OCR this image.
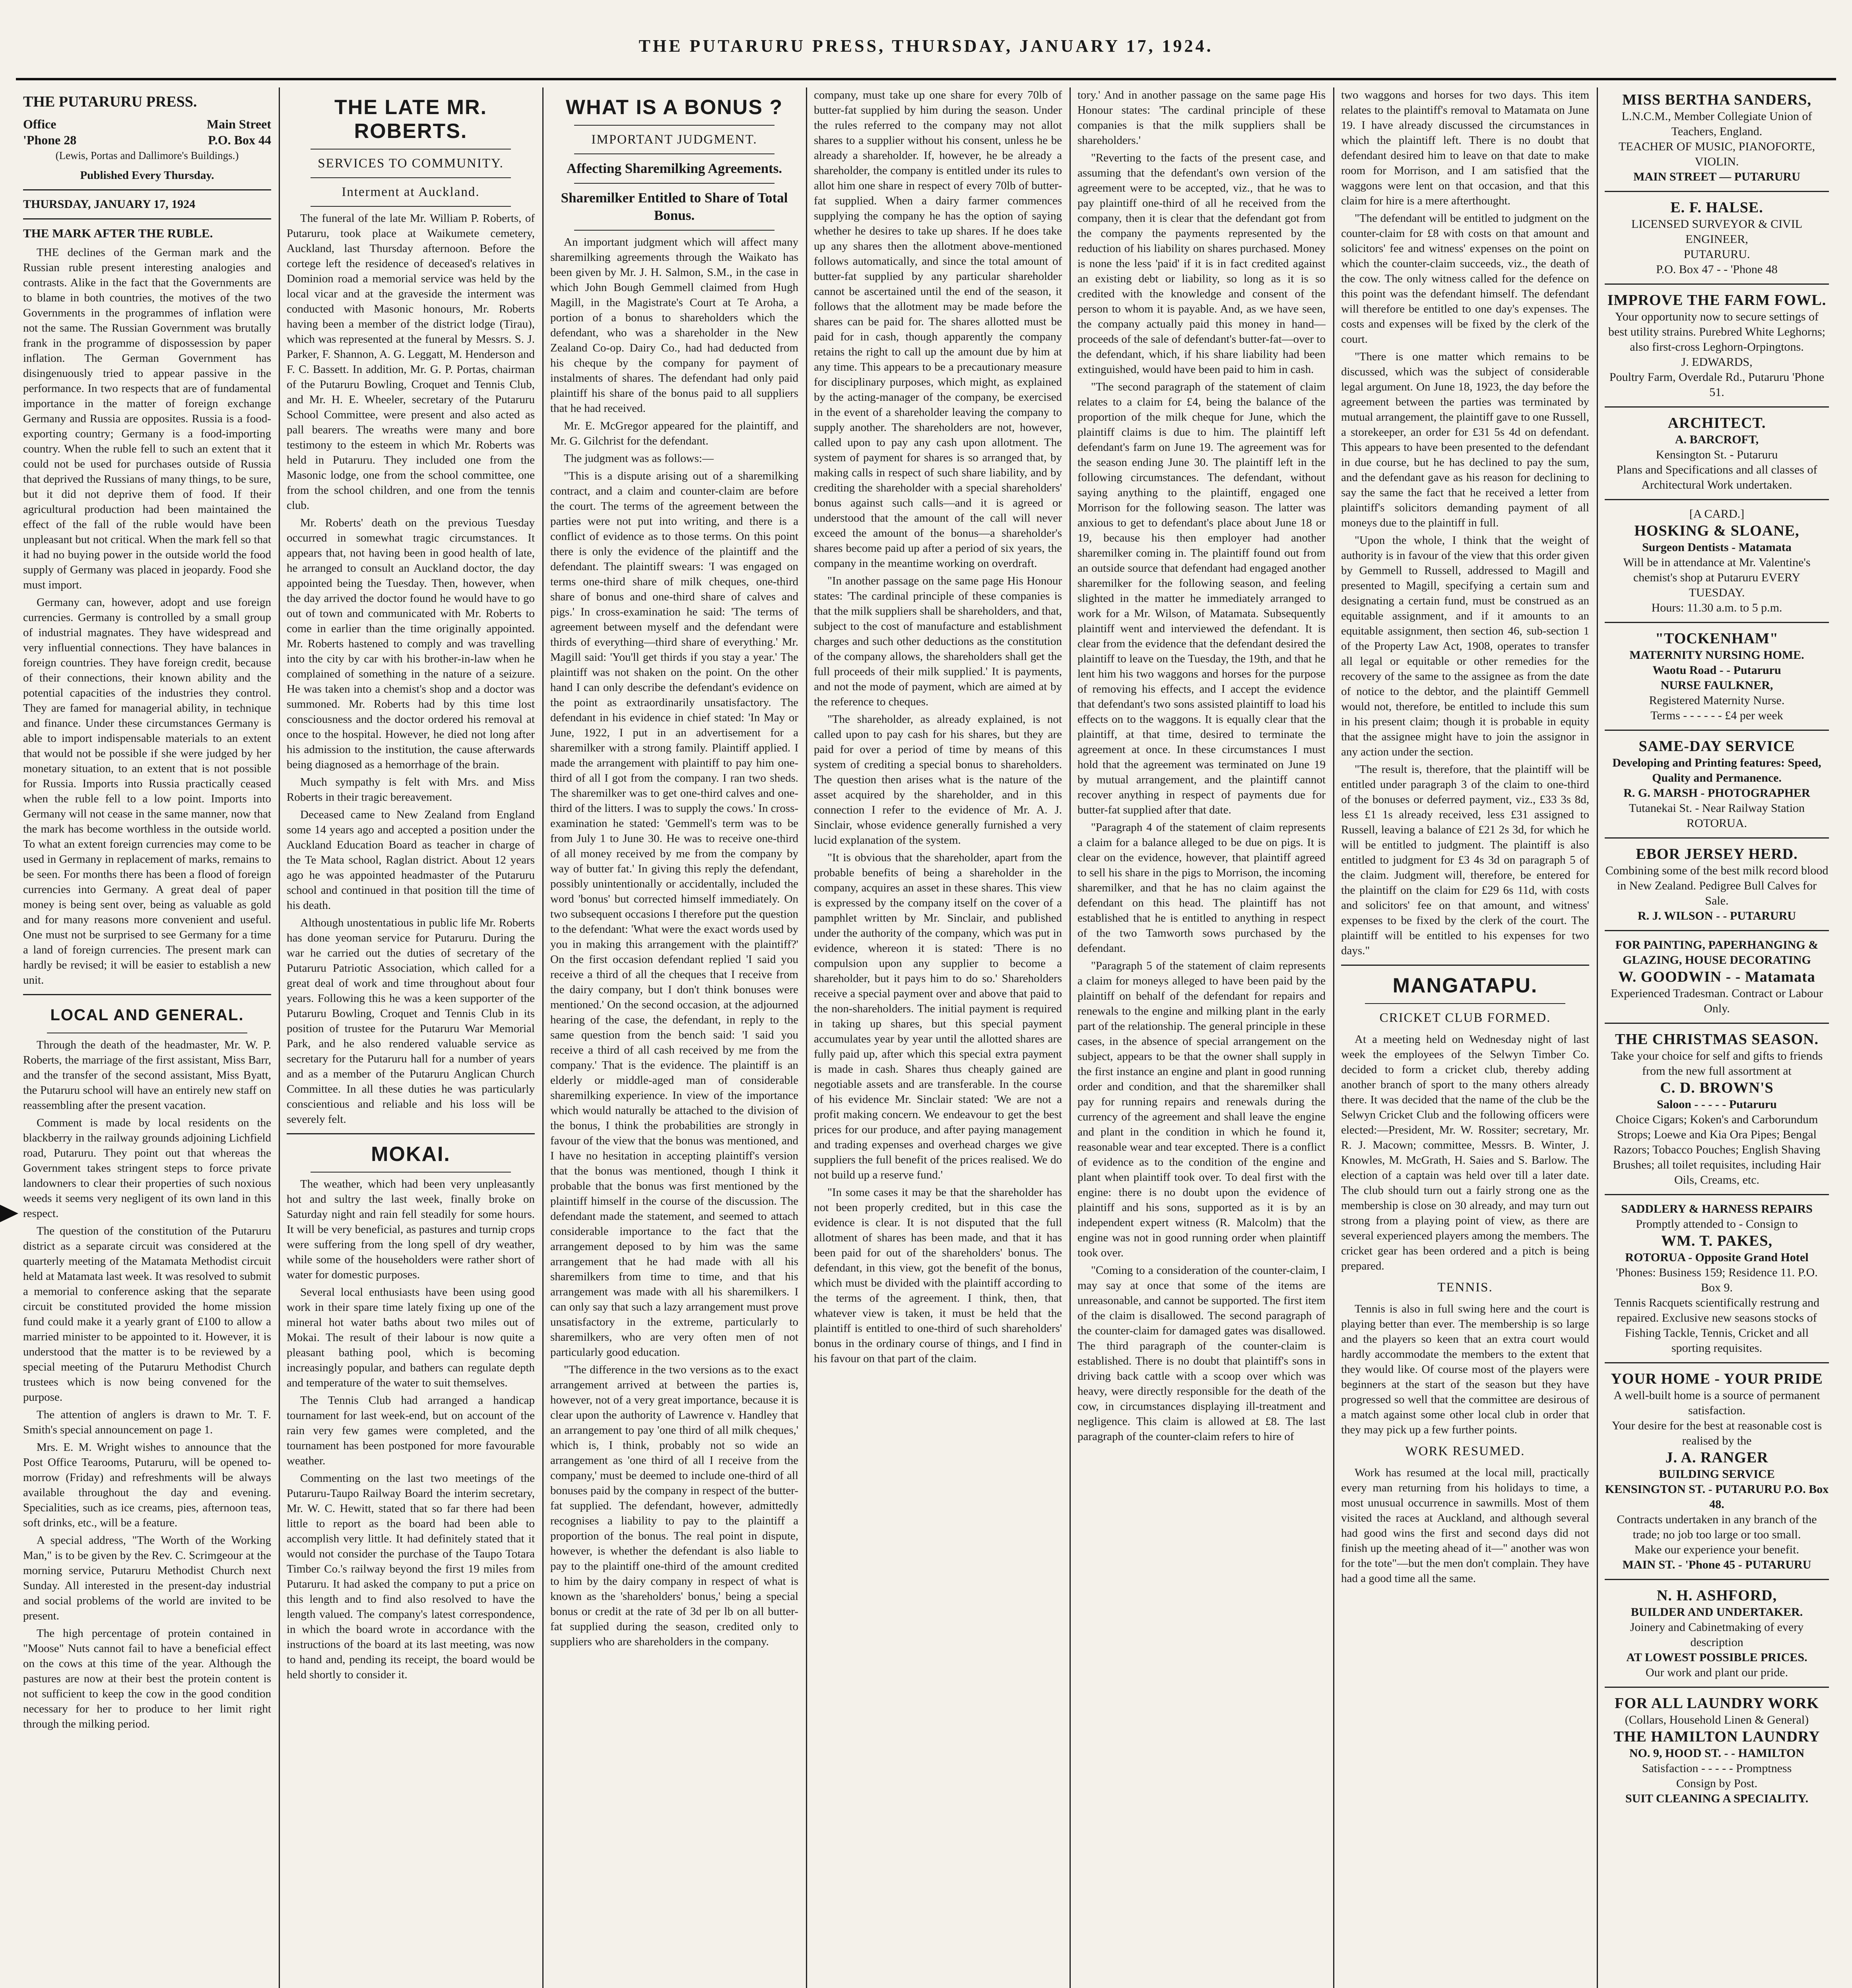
THE PUTARURU PRESS, THURSDAY, JANUARY 17, 1924.
THE PUTARURU PRESS.
Office	Main Street
'Phone 28	P.O. Box 44
(Lewis, Portas and Dallimore's Buildings.)
Published Every Thursday.
THURSDAY, JANUARY 17, 1924
THE MARK AFTER THE RUBLE.

THE declines of the German mark and the Russian ruble present interesting analogies and contrasts. Alike in the fact that the Governments are to blame in both countries, the motives of the two Governments in the programmes of inflation were not the same. The Russian Government was brutally frank in the programme of dispossession by paper inflation. The German Government has disingenuously tried to appear passive in the performance. In two respects that are of fundamental importance in the matter of foreign exchange Germany and Russia are opposites. Russia is a food-exporting country; Germany is a food-importing country. When the ruble fell to such an extent that it could not be used for purchases outside of Russia that deprived the Russians of many things, to be sure, but it did not deprive them of food. If their agricultural production had been maintained the effect of the fall of the ruble would have been unpleasant but not critical. When the mark fell so that it had no buying power in the outside world the food supply of Germany was placed in jeopardy. Food she must import.

Germany can, however, adopt and use foreign currencies. Germany is controlled by a small group of industrial magnates. They have widespread and very influential connections. They have balances in foreign countries. They have foreign credit, because of their connections, their known ability and the potential capacities of the industries they control. They are famed for managerial ability, in technique and finance. Under these circumstances Germany is able to import indispensable materials to an extent that would not be possible if she were judged by her monetary situation, to an extent that is not possible for Russia. Imports into Russia practically ceased when the ruble fell to a low point. Imports into Germany will not cease in the same manner, now that the mark has become worthless in the outside world. To what an extent foreign currencies may come to be used in Germany in replacement of marks, remains to be seen. For months there has been a flood of foreign currencies into Germany. A great deal of paper money is being sent over, being as valuable as gold and for many reasons more convenient and useful. One must not be surprised to see Germany for a time a land of foreign currencies. The present mark can hardly be revised; it will be easier to establish a new unit.

LOCAL AND GENERAL.

Through the death of the headmaster, Mr. W. P. Roberts, the marriage of the first assistant, Miss Barr, and the transfer of the second assistant, Miss Byatt, the Putaruru school will have an entirely new staff on reassembling after the present vacation.

Comment is made by local residents on the blackberry in the railway grounds adjoining Lichfield road, Putaruru. They point out that whereas the Government takes stringent steps to force private landowners to clear their properties of such noxious weeds it seems very negligent of its own land in this respect.

The question of the constitution of the Putaruru district as a separate circuit was considered at the quarterly meeting of the Matamata Methodist circuit held at Matamata last week. It was resolved to submit a memorial to conference asking that the separate circuit be constituted provided the home mission fund could make it a yearly grant of £100 to allow a married minister to be appointed to it. However, it is understood that the matter is to be reviewed by a special meeting of the Putaruru Methodist Church trustees which is now being convened for the purpose.

The attention of anglers is drawn to Mr. T. F. Smith's special announcement on page 1.

Mrs. E. M. Wright wishes to announce that the Post Office Tearooms, Putaruru, will be opened to-morrow (Friday) and refreshments will be always available throughout the day and evening. Specialities, such as ice creams, pies, afternoon teas, soft drinks, etc., will be a feature.

A special address, "The Worth of the Working Man," is to be given by the Rev. C. Scrimgeour at the morning service, Putaruru Methodist Church next Sunday. All interested in the present-day industrial and social problems of the world are invited to be present.

The high percentage of protein contained in "Moose" Nuts cannot fail to have a beneficial effect on the cows at this time of the year. Although the pastures are now at their best the protein content is not sufficient to keep the cow in the good condition necessary for her to produce to her limit right through the milking period.

THE LATE MR. ROBERTS.
SERVICES TO COMMUNITY.
Interment at Auckland.

The funeral of the late Mr. William P. Roberts, of Putaruru, took place at Waikumete cemetery, Auckland, last Thursday afternoon. Before the cortege left the residence of deceased's relatives in Dominion road a memorial service was held by the local vicar and at the graveside the interment was conducted with Masonic honours, Mr. Roberts having been a member of the district lodge (Tirau), which was represented at the funeral by Messrs. S. J. Parker, F. Shannon, A. G. Leggatt, M. Henderson and F. C. Bassett. In addition, Mr. G. P. Portas, chairman of the Putaruru Bowling, Croquet and Tennis Club, and Mr. H. E. Wheeler, secretary of the Putaruru School Committee, were present and also acted as pall bearers. The wreaths were many and bore testimony to the esteem in which Mr. Roberts was held in Putaruru. They included one from the Masonic lodge, one from the school committee, one from the school children, and one from the tennis club.

Mr. Roberts' death on the previous Tuesday occurred in somewhat tragic circumstances. It appears that, not having been in good health of late, he arranged to consult an Auckland doctor, the day appointed being the Tuesday. Then, however, when the day arrived the doctor found he would have to go out of town and communicated with Mr. Roberts to come in earlier than the time originally appointed. Mr. Roberts hastened to comply and was travelling into the city by car with his brother-in-law when he complained of something in the nature of a seizure. He was taken into a chemist's shop and a doctor was summoned. Mr. Roberts had by this time lost consciousness and the doctor ordered his removal at once to the hospital. However, he died not long after his admission to the institution, the cause afterwards being diagnosed as a hemorrhage of the brain.

Much sympathy is felt with Mrs. and Miss Roberts in their tragic bereavement.

Deceased came to New Zealand from England some 14 years ago and accepted a position under the Auckland Education Board as teacher in charge of the Te Mata school, Raglan district. About 12 years ago he was appointed headmaster of the Putaruru school and continued in that position till the time of his death.

Although unostentatious in public life Mr. Roberts has done yeoman service for Putaruru. During the war he carried out the duties of secretary of the Putaruru Patriotic Association, which called for a great deal of work and time throughout about four years. Following this he was a keen supporter of the Putaruru Bowling, Croquet and Tennis Club in its position of trustee for the Putaruru War Memorial Park, and he also rendered valuable service as secretary for the Putaruru hall for a number of years and as a member of the Putaruru Anglican Church Committee. In all these duties he was particularly conscientious and reliable and his loss will be severely felt.

MOKAI.

The weather, which had been very unpleasantly hot and sultry the last week, finally broke on Saturday night and rain fell steadily for some hours. It will be very beneficial, as pastures and turnip crops were suffering from the long spell of dry weather, while some of the householders were rather short of water for domestic purposes.

Several local enthusiasts have been using good work in their spare time lately fixing up one of the mineral hot water baths about two miles out of Mokai. The result of their labour is now quite a pleasant bathing pool, which is becoming increasingly popular, and bathers can regulate depth and temperature of the water to suit themselves.

The Tennis Club had arranged a handicap tournament for last week-end, but on account of the rain very few games were completed, and the tournament has been postponed for more favourable weather.

Commenting on the last two meetings of the Putaruru-Taupo Railway Board the interim secretary, Mr. W. C. Hewitt, stated that so far there had been little to report as the board had been able to accomplish very little. It had definitely stated that it would not consider the purchase of the Taupo Totara Timber Co.'s railway beyond the first 19 miles from Putaruru. It had asked the company to put a price on this length and to find also resolved to have the length valued. The company's latest correspondence, in which the board wrote in accordance with the instructions of the board at its last meeting, was now to hand and, pending its receipt, the board would be held shortly to consider it.

WHAT IS A BONUS ?
IMPORTANT JUDGMENT.
Affecting Sharemilking Agreements.
Sharemilker Entitled to Share of Total Bonus.

An important judgment which will affect many sharemilking agreements through the Waikato has been given by Mr. J. H. Salmon, S.M., in the case in which John Bough Gemmell claimed from Hugh Magill, in the Magistrate's Court at Te Aroha, a portion of a bonus to shareholders which the defendant, who was a shareholder in the New Zealand Co-op. Dairy Co., had had deducted from his cheque by the company for payment of instalments of shares. The defendant had only paid plaintiff his share of the bonus paid to all suppliers that he had received.

Mr. E. McGregor appeared for the plaintiff, and Mr. G. Gilchrist for the defendant.

The judgment was as follows:—

"This is a dispute arising out of a sharemilking contract, and a claim and counter-claim are before the court. The terms of the agreement between the parties were not put into writing, and there is a conflict of evidence as to those terms. On this point there is only the evidence of the plaintiff and the defendant. The plaintiff swears: 'I was engaged on terms one-third share of milk cheques, one-third share of bonus and one-third share of calves and pigs.' In cross-examination he said: 'The terms of agreement between myself and the defendant were thirds of everything—third share of everything.' Mr. Magill said: 'You'll get thirds if you stay a year.' The plaintiff was not shaken on the point. On the other hand I can only describe the defendant's evidence on the point as extraordinarily unsatisfactory. The defendant in his evidence in chief stated: 'In May or June, 1922, I put in an advertisement for a sharemilker with a strong family. Plaintiff applied. I made the arrangement with plaintiff to pay him one-third of all I got from the company. I ran two sheds. The sharemilker was to get one-third calves and one-third of the litters. I was to supply the cows.' In cross-examination he stated: 'Gemmell's term was to be from July 1 to June 30. He was to receive one-third of all money received by me from the company by way of butter fat.' In giving this reply the defendant, possibly unintentionally or accidentally, included the word 'bonus' but corrected himself immediately. On two subsequent occasions I therefore put the question to the defendant: 'What were the exact words used by you in making this arrangement with the plaintiff?' On the first occasion defendant replied 'I said you receive a third of all the cheques that I receive from the dairy company, but I don't think bonuses were mentioned.' On the second occasion, at the adjourned hearing of the case, the defendant, in reply to the same question from the bench said: 'I said you receive a third of all cash received by me from the company.' That is the evidence. The plaintiff is an elderly or middle-aged man of considerable sharemilking experience. In view of the importance which would naturally be attached to the division of the bonus, I think the probabilities are strongly in favour of the view that the bonus was mentioned, and I have no hesitation in accepting plaintiff's version that the bonus was mentioned, though I think it probable that the bonus was first mentioned by the plaintiff himself in the course of the discussion. The defendant made the statement, and seemed to attach considerable importance to the fact that the arrangement deposed to by him was the same arrangement that he had made with all his sharemilkers from time to time, and that his arrangement was made with all his sharemilkers. I can only say that such a lazy arrangement must prove unsatisfactory in the extreme, particularly to sharemilkers, who are very often men of not particularly good education.

"The difference in the two versions as to the exact arrangement arrived at between the parties is, however, not of a very great importance, because it is clear upon the authority of Lawrence v. Handley that an arrangement to pay 'one third of all milk cheques,' which is, I think, probably not so wide an arrangement as 'one third of all I receive from the company,' must be deemed to include one-third of all bonuses paid by the company in respect of the butter-fat supplied. The defendant, however, admittedly recognises a liability to pay to the plaintiff a proportion of the bonus. The real point in dispute, however, is whether the defendant is also liable to pay to the plaintiff one-third of the amount credited to him by the dairy company in respect of what is known as the 'shareholders' bonus,' being a special bonus or credit at the rate of 3d per lb on all butter-fat supplied during the season, credited only to suppliers who are shareholders in the company.

company, must take up one share for every 70lb of butter-fat supplied by him during the season. Under the rules referred to the company may not allot shares to a supplier without his consent, unless he be already a shareholder. If, however, he be already a shareholder, the company is entitled under its rules to allot him one share in respect of every 70lb of butter-fat supplied. When a dairy farmer commences supplying the company he has the option of saying whether he desires to take up shares. If he does take up any shares then the allotment above-mentioned follows automatically, and since the total amount of butter-fat supplied by any particular shareholder cannot be ascertained until the end of the season, it follows that the allotment may be made before the shares can be paid for. The shares allotted must be paid for in cash, though apparently the company retains the right to call up the amount due by him at any time. This appears to be a precautionary measure for disciplinary purposes, which might, as explained by the acting-manager of the company, be exercised in the event of a shareholder leaving the company to supply another. The shareholders are not, however, called upon to pay any cash upon allotment. The system of payment for shares is so arranged that, by making calls in respect of such share liability, and by crediting the shareholder with a special shareholders' bonus against such calls—and it is agreed or understood that the amount of the call will never exceed the amount of the bonus—a shareholder's shares become paid up after a period of six years, the company in the meantime working on overdraft.

"In another passage on the same page His Honour states: 'The cardinal principle of these companies is that the milk suppliers shall be shareholders, and that, subject to the cost of manufacture and establishment charges and such other deductions as the constitution of the company allows, the shareholders shall get the full proceeds of their milk supplied.' It is payments, and not the mode of payment, which are aimed at by the reference to cheques.

"The shareholder, as already explained, is not called upon to pay cash for his shares, but they are paid for over a period of time by means of this system of crediting a special bonus to shareholders. The question then arises what is the nature of the asset acquired by the shareholder, and in this connection I refer to the evidence of Mr. A. J. Sinclair, whose evidence generally furnished a very lucid explanation of the system.

"It is obvious that the shareholder, apart from the probable benefits of being a shareholder in the company, acquires an asset in these shares. This view is expressed by the company itself on the cover of a pamphlet written by Mr. Sinclair, and published under the authority of the company, which was put in evidence, whereon it is stated: 'There is no compulsion upon any supplier to become a shareholder, but it pays him to do so.' Shareholders receive a special payment over and above that paid to the non-shareholders. The initial payment is required in taking up shares, but this special payment accumulates year by year until the allotted shares are fully paid up, after which this special extra payment is made in cash. Shares thus cheaply gained are negotiable assets and are transferable. In the course of his evidence Mr. Sinclair stated: 'We are not a profit making concern. We endeavour to get the best prices for our produce, and after paying management and trading expenses and overhead charges we give suppliers the full benefit of the prices realised. We do not build up a reserve fund.'

"In some cases it may be that the shareholder has not been properly credited, but in this case the evidence is clear. It is not disputed that the full allotment of shares has been made, and that it has been paid for out of the shareholders' bonus. The defendant, in this view, got the benefit of the bonus, which must be divided with the plaintiff according to the terms of the agreement. I think, then, that whatever view is taken, it must be held that the plaintiff is entitled to one-third of such shareholders' bonus in the ordinary course of things, and I find in his favour on that part of the claim.

tory.' And in another passage on the same page His Honour states: 'The cardinal principle of these companies is that the milk suppliers shall be shareholders.'

"Reverting to the facts of the present case, and assuming that the defendant's own version of the agreement were to be accepted, viz., that he was to pay plaintiff one-third of all he received from the company, then it is clear that the defendant got from the company the payments represented by the reduction of his liability on shares purchased. Money is none the less 'paid' if it is in fact credited against an existing debt or liability, so long as it is so credited with the knowledge and consent of the person to whom it is payable. And, as we have seen, the company actually paid this money in hand—proceeds of the sale of defendant's butter-fat—over to the defendant, which, if his share liability had been extinguished, would have been paid to him in cash.

"The second paragraph of the statement of claim relates to a claim for £4, being the balance of the proportion of the milk cheque for June, which the plaintiff claims is due to him. The plaintiff left defendant's farm on June 19. The agreement was for the season ending June 30. The plaintiff left in the following circumstances. The defendant, without saying anything to the plaintiff, engaged one Morrison for the following season. The latter was anxious to get to defendant's place about June 18 or 19, because his then employer had another sharemilker coming in. The plaintiff found out from an outside source that defendant had engaged another sharemilker for the following season, and feeling slighted in the matter he immediately arranged to work for a Mr. Wilson, of Matamata. Subsequently plaintiff went and interviewed the defendant. It is clear from the evidence that the defendant desired the plaintiff to leave on the Tuesday, the 19th, and that he lent him his two waggons and horses for the purpose of removing his effects, and I accept the evidence that defendant's two sons assisted plaintiff to load his effects on to the waggons. It is equally clear that the plaintiff, at that time, desired to terminate the agreement at once. In these circumstances I must hold that the agreement was terminated on June 19 by mutual arrangement, and the plaintiff cannot recover anything in respect of payments due for butter-fat supplied after that date.

"Paragraph 4 of the statement of claim represents a claim for a balance alleged to be due on pigs. It is clear on the evidence, however, that plaintiff agreed to sell his share in the pigs to Morrison, the incoming sharemilker, and that he has no claim against the defendant on this head. The plaintiff has not established that he is entitled to anything in respect of the two Tamworth sows purchased by the defendant.

"Paragraph 5 of the statement of claim represents a claim for moneys alleged to have been paid by the plaintiff on behalf of the defendant for repairs and renewals to the engine and milking plant in the early part of the relationship. The general principle in these cases, in the absence of special arrangement on the subject, appears to be that the owner shall supply in the first instance an engine and plant in good running order and condition, and that the sharemilker shall pay for running repairs and renewals during the currency of the agreement and shall leave the engine and plant in the condition in which he found it, reasonable wear and tear excepted. There is a conflict of evidence as to the condition of the engine and plant when plaintiff took over. To deal first with the engine: there is no doubt upon the evidence of plaintiff and his sons, supported as it is by an independent expert witness (R. Malcolm) that the engine was not in good running order when plaintiff took over.

"Coming to a consideration of the counter-claim, I may say at once that some of the items are unreasonable, and cannot be supported. The first item of the claim is disallowed. The second paragraph of the counter-claim for damaged gates was disallowed. The third paragraph of the counter-claim is established. There is no doubt that plaintiff's sons in driving back cattle with a scoop over which was heavy, were directly responsible for the death of the cow, in circumstances displaying ill-treatment and negligence. This claim is allowed at £8. The last paragraph of the counter-claim refers to hire of

two waggons and horses for two days. This item relates to the plaintiff's removal to Matamata on June 19. I have already discussed the circumstances in which the plaintiff left. There is no doubt that defendant desired him to leave on that date to make room for Morrison, and I am satisfied that the waggons were lent on that occasion, and that this claim for hire is a mere afterthought.

"The defendant will be entitled to judgment on the counter-claim for £8 with costs on that amount and solicitors' fee and witness' expenses on the point on which the counter-claim succeeds, viz., the death of the cow. The only witness called for the defence on this point was the defendant himself. The defendant will therefore be entitled to one day's expenses. The costs and expenses will be fixed by the clerk of the court.

"There is one matter which remains to be discussed, which was the subject of considerable legal argument. On June 18, 1923, the day before the agreement between the parties was terminated by mutual arrangement, the plaintiff gave to one Russell, a storekeeper, an order for £31 5s 4d on defendant. This appears to have been presented to the defendant in due course, but he has declined to pay the sum, and the defendant gave as his reason for declining to say the same the fact that he received a letter from plaintiff's solicitors demanding payment of all moneys due to the plaintiff in full.

"Upon the whole, I think that the weight of authority is in favour of the view that this order given by Gemmell to Russell, addressed to Magill and presented to Magill, specifying a certain sum and designating a certain fund, must be construed as an equitable assignment, and if it amounts to an equitable assignment, then section 46, sub-section 1 of the Property Law Act, 1908, operates to transfer all legal or equitable or other remedies for the recovery of the same to the assignee as from the date of notice to the debtor, and the plaintiff Gemmell would not, therefore, be entitled to include this sum in his present claim; though it is probable in equity that the assignee might have to join the assignor in any action under the section.

"The result is, therefore, that the plaintiff will be entitled under paragraph 3 of the claim to one-third of the bonuses or deferred payment, viz., £33 3s 8d, less £1 1s already received, less £31 assigned to Russell, leaving a balance of £21 2s 3d, for which he will be entitled to judgment. The plaintiff is also entitled to judgment for £3 4s 3d on paragraph 5 of the claim. Judgment will, therefore, be entered for the plaintiff on the claim for £29 6s 11d, with costs and solicitors' fee on that amount, and witness' expenses to be fixed by the clerk of the court. The plaintiff will be entitled to his expenses for two days."

MANGATAPU.
CRICKET CLUB FORMED.

At a meeting held on Wednesday night of last week the employees of the Selwyn Timber Co. decided to form a cricket club, thereby adding another branch of sport to the many others already there. It was decided that the name of the club be the Selwyn Cricket Club and the following officers were elected:—President, Mr. W. Rossiter; secretary, Mr. R. J. Macown; committee, Messrs. B. Winter, J. Knowles, M. McGrath, H. Saies and S. Barlow. The election of a captain was held over till a later date. The club should turn out a fairly strong one as the membership is close on 30 already, and may turn out strong from a playing point of view, as there are several experienced players among the members. The cricket gear has been ordered and a pitch is being prepared.

TENNIS.

Tennis is also in full swing here and the court is playing better than ever. The membership is so large and the players so keen that an extra court would hardly accommodate the members to the extent that they would like. Of course most of the players were beginners at the start of the season but they have progressed so well that the committee are desirous of a match against some other local club in order that they may pick up a few further points.

WORK RESUMED.

Work has resumed at the local mill, practically every man returning from his holidays to time, a most unusual occurrence in sawmills. Most of them visited the races at Auckland, and although several had good wins the first and second days did not finish up the meeting ahead of it—" another was won for the tote"—but the men don't complain. They have had a good time all the same.

MISS BERTHA SANDERS,
L.N.C.M., Member Collegiate Union of Teachers, England.
TEACHER OF MUSIC, PIANOFORTE, VIOLIN.
MAIN STREET — PUTARURU
E. F. HALSE.
LICENSED SURVEYOR & CIVIL ENGINEER,
PUTARURU.
P.O. Box 47 - - 'Phone 48
IMPROVE THE FARM FOWL.
Your opportunity now to secure settings of best utility strains. Purebred White Leghorns; also first-cross Leghorn-Orpingtons.
J. EDWARDS,
Poultry Farm, Overdale Rd., Putaruru 'Phone 51.
ARCHITECT.
A. BARCROFT,
Kensington St. - Putaruru
Plans and Specifications and all classes of Architectural Work undertaken.
[A CARD.]
HOSKING & SLOANE,
Surgeon Dentists - Matamata
Will be in attendance at Mr. Valentine's chemist's shop at Putaruru EVERY TUESDAY.
Hours: 11.30 a.m. to 5 p.m.
"TOCKENHAM"
MATERNITY NURSING HOME.
Waotu Road - - Putaruru
NURSE FAULKNER,
Registered Maternity Nurse.
Terms - - - - - - £4 per week
SAME-DAY SERVICE
Developing and Printing features: Speed, Quality and Permanence.
R. G. MARSH - PHOTOGRAPHER
Tutanekai St. - Near Railway Station ROTORUA.
EBOR JERSEY HERD.
Combining some of the best milk record blood in New Zealand. Pedigree Bull Calves for Sale.
R. J. WILSON - - PUTARURU
FOR PAINTING, PAPERHANGING & GLAZING, HOUSE DECORATING
W. GOODWIN - - Matamata
Experienced Tradesman. Contract or Labour Only.
THE CHRISTMAS SEASON.
Take your choice for self and gifts to friends from the new full assortment at
C. D. BROWN'S
Saloon - - - - - Putaruru
Choice Cigars; Koken's and Carborundum Strops; Loewe and Kia Ora Pipes; Bengal Razors; Tobacco Pouches; English Shaving Brushes; all toilet requisites, including Hair Oils, Creams, etc.
SADDLERY & HARNESS REPAIRS
Promptly attended to - Consign to
WM. T. PAKES,
ROTORUA - Opposite Grand Hotel
'Phones: Business 159; Residence 11. P.O. Box 9.
Tennis Racquets scientifically restrung and repaired. Exclusive new seasons stocks of Fishing Tackle, Tennis, Cricket and all sporting requisites.
YOUR HOME - YOUR PRIDE
A well-built home is a source of permanent satisfaction.
Your desire for the best at reasonable cost is realised by the
J. A. RANGER
BUILDING SERVICE
KENSINGTON ST. - PUTARURU P.O. Box 48.
Contracts undertaken in any branch of the trade; no job too large or too small.
Make our experience your benefit.
MAIN ST. - 'Phone 45 - PUTARURU
N. H. ASHFORD,
BUILDER AND UNDERTAKER.
Joinery and Cabinetmaking of every description
AT LOWEST POSSIBLE PRICES.
Our work and plant our pride.
FOR ALL LAUNDRY WORK
(Collars, Household Linen & General)
THE HAMILTON LAUNDRY
NO. 9, HOOD ST. - - HAMILTON
Satisfaction - - - - - Promptness
Consign by Post.
SUIT CLEANING A SPECIALITY.
